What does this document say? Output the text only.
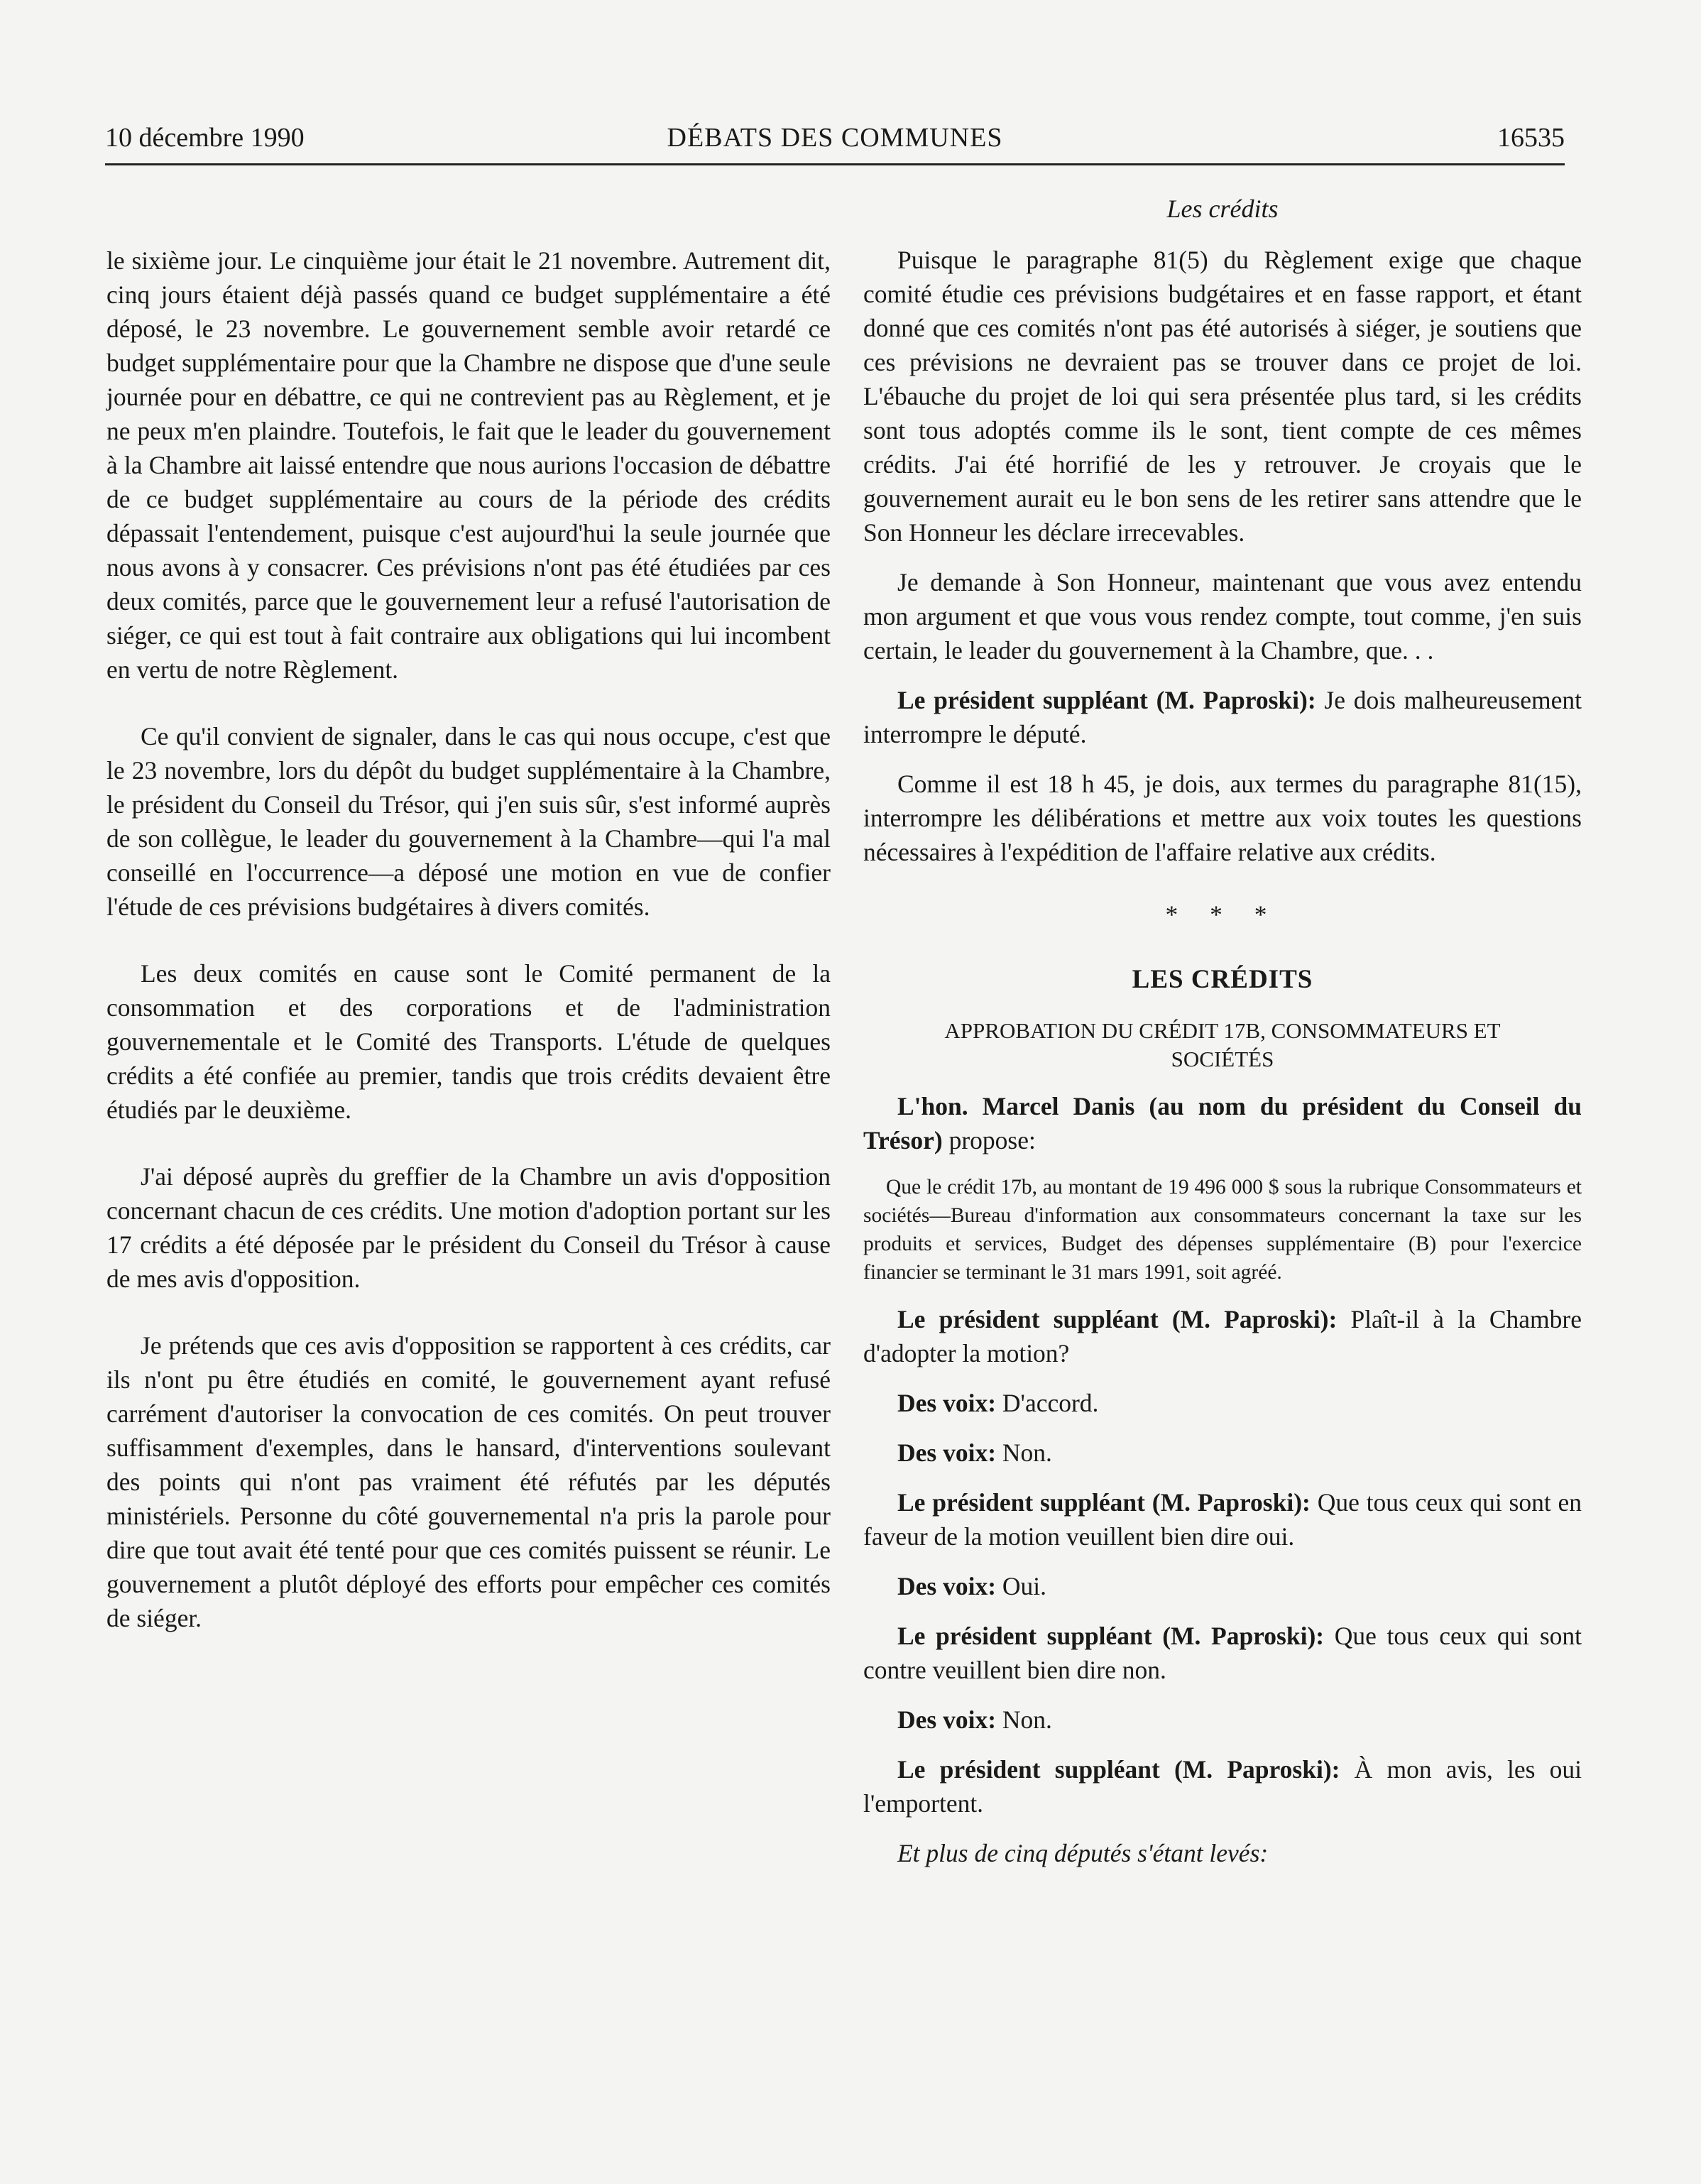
10 décembre 1990	DÉBATS DES COMMUNES	16535

le sixième jour. Le cinquième jour était le 21 novembre. Autrement dit, cinq jours étaient déjà passés quand ce budget supplémentaire a été déposé, le 23 novembre. Le gouvernement semble avoir retardé ce budget supplémentaire pour que la Chambre ne dispose que d'une seule journée pour en débattre, ce qui ne contrevient pas au Règlement, et je ne peux m'en plaindre. Toutefois, le fait que le leader du gouvernement à la Chambre ait laissé entendre que nous aurions l'occasion de débattre de ce budget supplémentaire au cours de la période des crédits dépassait l'entendement, puisque c'est aujourd'hui la seule journée que nous avons à y consacrer. Ces prévisions n'ont pas été étudiées par ces deux comités, parce que le gouvernement leur a refusé l'autorisation de siéger, ce qui est tout à fait contraire aux obligations qui lui incombent en vertu de notre Règlement.

Ce qu'il convient de signaler, dans le cas qui nous occupe, c'est que le 23 novembre, lors du dépôt du budget supplémentaire à la Chambre, le président du Conseil du Trésor, qui j'en suis sûr, s'est informé auprès de son collègue, le leader du gouvernement à la Chambre—qui l'a mal conseillé en l'occurrence—a déposé une motion en vue de confier l'étude de ces prévisions budgétaires à divers comités.

Les deux comités en cause sont le Comité permanent de la consommation et des corporations et de l'administration gouvernementale et le Comité des Transports. L'étude de quelques crédits a été confiée au premier, tandis que trois crédits devaient être étudiés par le deuxième.

J'ai déposé auprès du greffier de la Chambre un avis d'opposition concernant chacun de ces crédits. Une motion d'adoption portant sur les 17 crédits a été déposée par le président du Conseil du Trésor à cause de mes avis d'opposition.

Je prétends que ces avis d'opposition se rapportent à ces crédits, car ils n'ont pu être étudiés en comité, le gouvernement ayant refusé carrément d'autoriser la convocation de ces comités. On peut trouver suffisamment d'exemples, dans le hansard, d'interventions soulevant des points qui n'ont pas vraiment été réfutés par les députés ministériels. Personne du côté gouvernemental n'a pris la parole pour dire que tout avait été tenté pour que ces comités puissent se réunir. Le gouvernement a plutôt déployé des efforts pour empêcher ces comités de siéger.

Les crédits

Puisque le paragraphe 81(5) du Règlement exige que chaque comité étudie ces prévisions budgétaires et en fasse rapport, et étant donné que ces comités n'ont pas été autorisés à siéger, je soutiens que ces prévisions ne devraient pas se trouver dans ce projet de loi. L'ébauche du projet de loi qui sera présentée plus tard, si les crédits sont tous adoptés comme ils le sont, tient compte de ces mêmes crédits. J'ai été horrifié de les y retrouver. Je croyais que le gouvernement aurait eu le bon sens de les retirer sans attendre que le Son Honneur les déclare irrecevables.

Je demande à Son Honneur, maintenant que vous avez entendu mon argument et que vous vous rendez compte, tout comme, j'en suis certain, le leader du gouvernement à la Chambre, que. . .

Le président suppléant (M. Paproski): Je dois malheureusement interrompre le député.

Comme il est 18 h 45, je dois, aux termes du paragraphe 81(15), interrompre les délibérations et mettre aux voix toutes les questions nécessaires à l'expédition de l'affaire relative aux crédits.

* * *

LES CRÉDITS

APPROBATION DU CRÉDIT 17B, CONSOMMATEURS ET SOCIÉTÉS

L'hon. Marcel Danis (au nom du président du Conseil du Trésor) propose:

Que le crédit 17b, au montant de 19 496 000 $ sous la rubrique Consommateurs et sociétés—Bureau d'information aux consommateurs concernant la taxe sur les produits et services, Budget des dépenses supplémentaire (B) pour l'exercice financier se terminant le 31 mars 1991, soit agréé.

Le président suppléant (M. Paproski): Plaît-il à la Chambre d'adopter la motion?

Des voix: D'accord.

Des voix: Non.

Le président suppléant (M. Paproski): Que tous ceux qui sont en faveur de la motion veuillent bien dire oui.

Des voix: Oui.

Le président suppléant (M. Paproski): Que tous ceux qui sont contre veuillent bien dire non.

Des voix: Non.

Le président suppléant (M. Paproski): À mon avis, les oui l'emportent.

Et plus de cinq députés s'étant levés:
